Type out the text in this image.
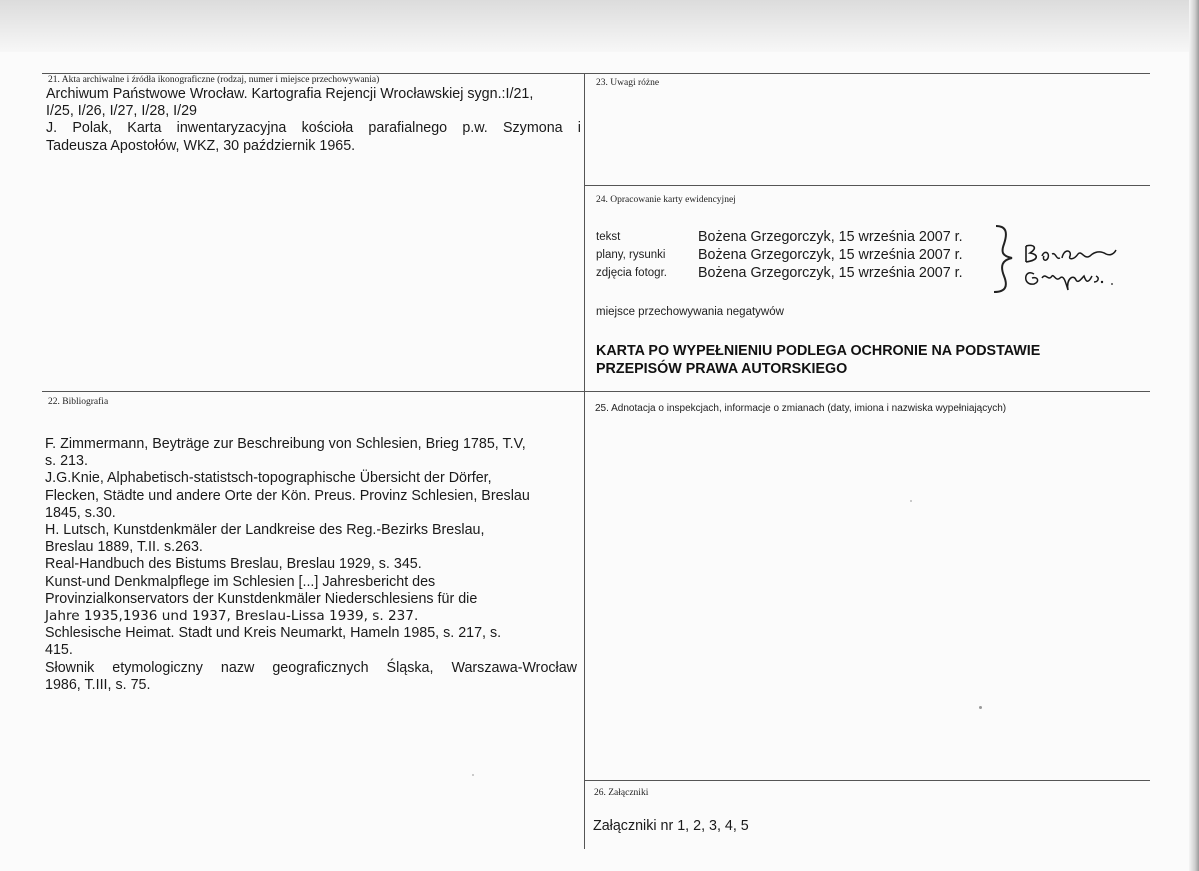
21. Akta archiwalne i źródła ikonograficzne (rodzaj, numer i miejsce przechowywania)
Archiwum Państwowe Wrocław. Kartografia Rejencji Wrocławskiej sygn.:I/21,
I/25, I/26, I/27, I/28, I/29
J. Polak, Karta inwentaryzacyjna kościoła parafialnego p.w. Szymona i
Tadeusza Apostołów, WKZ, 30 październik 1965.
23. Uwagi różne
24. Opracowanie karty ewidencyjnej
tekst	Bożena Grzegorczyk, 15 września 2007 r.
plany, rysunki Bożena Grzegorczyk, 15 września 2007 r.
zdjęcia fotogr. Bożena Grzegorczyk, 15 września 2007 r.
miejsce przechowywania negatywów
KARTA PO WYPEŁNIENIU PODLEGA OCHRONIE NA PODSTAWIE
PRZEPISÓW PRAWA AUTORSKIEGO
22. Bibliografia
F. Zimmermann, Beyträge zur Beschreibung von Schlesien, Brieg 1785, T.V,
s. 213.
J.G.Knie, Alphabetisch-statistsch-topographische Übersicht der Dörfer,
Flecken, Städte und andere Orte der Kön. Preus. Provinz Schlesien, Breslau
1845, s.30.
H. Lutsch, Kunstdenkmäler der Landkreise des Reg.-Bezirks Breslau,
Breslau 1889, T.II. s.263.
Real-Handbuch des Bistums Breslau, Breslau 1929, s. 345.
Kunst-und Denkmalpflege im Schlesien [...] Jahresbericht des
Provinzialkonservators der Kunstdenkmäler Niederschlesiens für die
Jahre 1935,1936 und 1937, Breslau-Lissa 1939, s. 237.
Schlesische Heimat. Stadt und Kreis Neumarkt, Hameln 1985, s. 217, s.
415.
Słownik etymologiczny nazw geograficznych Śląska, Warszawa-Wrocław
1986, T.III, s. 75.
25. Adnotacja o inspekcjach, informacje o zmianach (daty, imiona i nazwiska wypełniających)
26. Załączniki
Załączniki nr 1, 2, 3, 4, 5
